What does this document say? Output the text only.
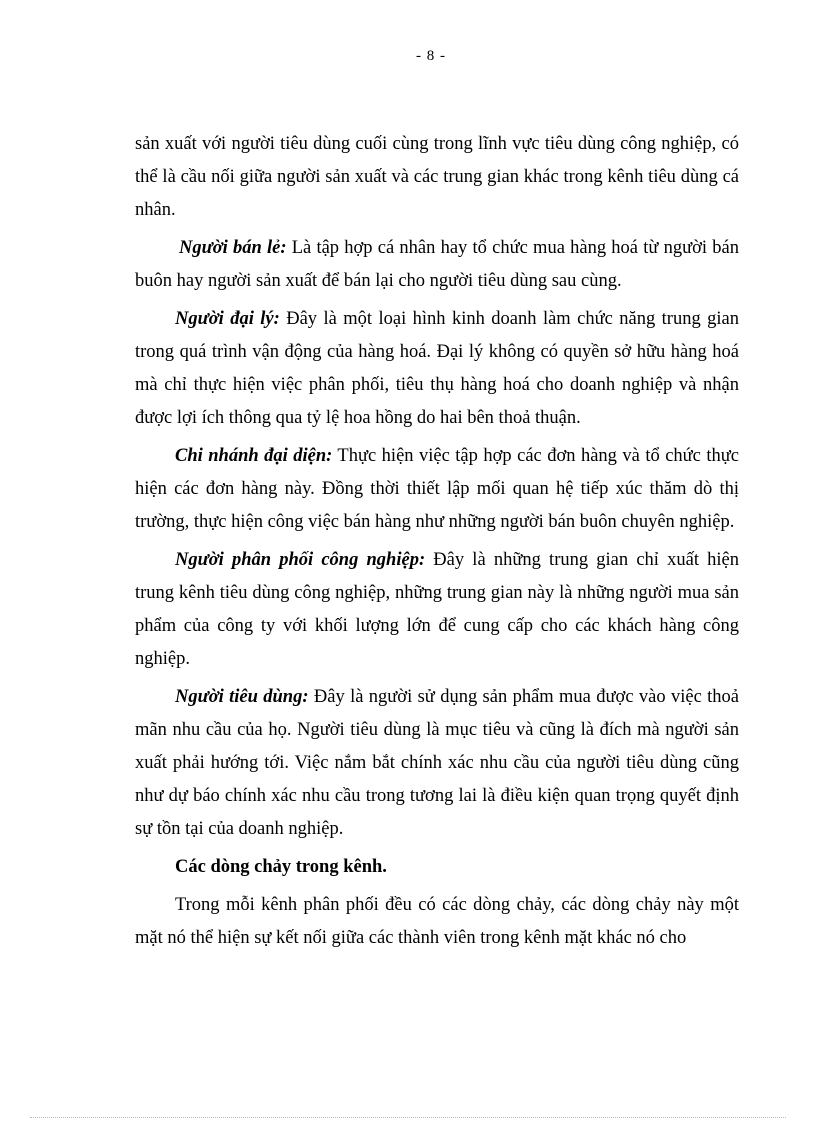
- 8 -

sản xuất với người tiêu dùng cuối cùng trong lĩnh vực tiêu dùng công nghiệp, có thể là cầu nối giữa người sản xuất và các trung gian khác trong kênh tiêu dùng cá nhân.

Người bán lẻ: Là tập hợp cá nhân hay tổ chức mua hàng hoá từ người bán buôn hay người sản xuất để bán lại cho người tiêu dùng sau cùng.

Người đại lý: Đây là một loại hình kinh doanh làm chức năng trung gian trong quá trình vận động của hàng hoá. Đại lý không có quyền sở hữu hàng hoá mà chỉ thực hiện việc phân phối, tiêu thụ hàng hoá cho doanh nghiệp và nhận được lợi ích thông qua tỷ lệ hoa hồng do hai bên thoả thuận.

Chi nhánh đại diện: Thực hiện việc tập hợp các đơn hàng và tổ chức thực hiện các đơn hàng này. Đồng thời thiết lập mối quan hệ tiếp xúc thăm dò thị trường, thực hiện công việc bán hàng như những người bán buôn chuyên nghiệp.

Người phân phối công nghiệp: Đây là những trung gian chỉ xuất hiện trung kênh tiêu dùng công nghiệp, những trung gian này là những người mua sản phẩm của công ty với khối lượng lớn để cung cấp cho các khách hàng công nghiệp.

Người tiêu dùng: Đây là người sử dụng sản phẩm mua được vào việc thoả mãn nhu cầu của họ. Người tiêu dùng là mục tiêu và cũng là đích mà người sản xuất phải hướng tới. Việc nắm bắt chính xác nhu cầu của người tiêu dùng cũng như dự báo chính xác nhu cầu trong tương lai là điều kiện quan trọng quyết định sự tồn tại của doanh nghiệp.

Các dòng chảy trong kênh.

Trong mỗi kênh phân phối đều có các dòng chảy, các dòng chảy này một mặt nó thể hiện sự kết nối giữa các thành viên trong kênh mặt khác nó cho
